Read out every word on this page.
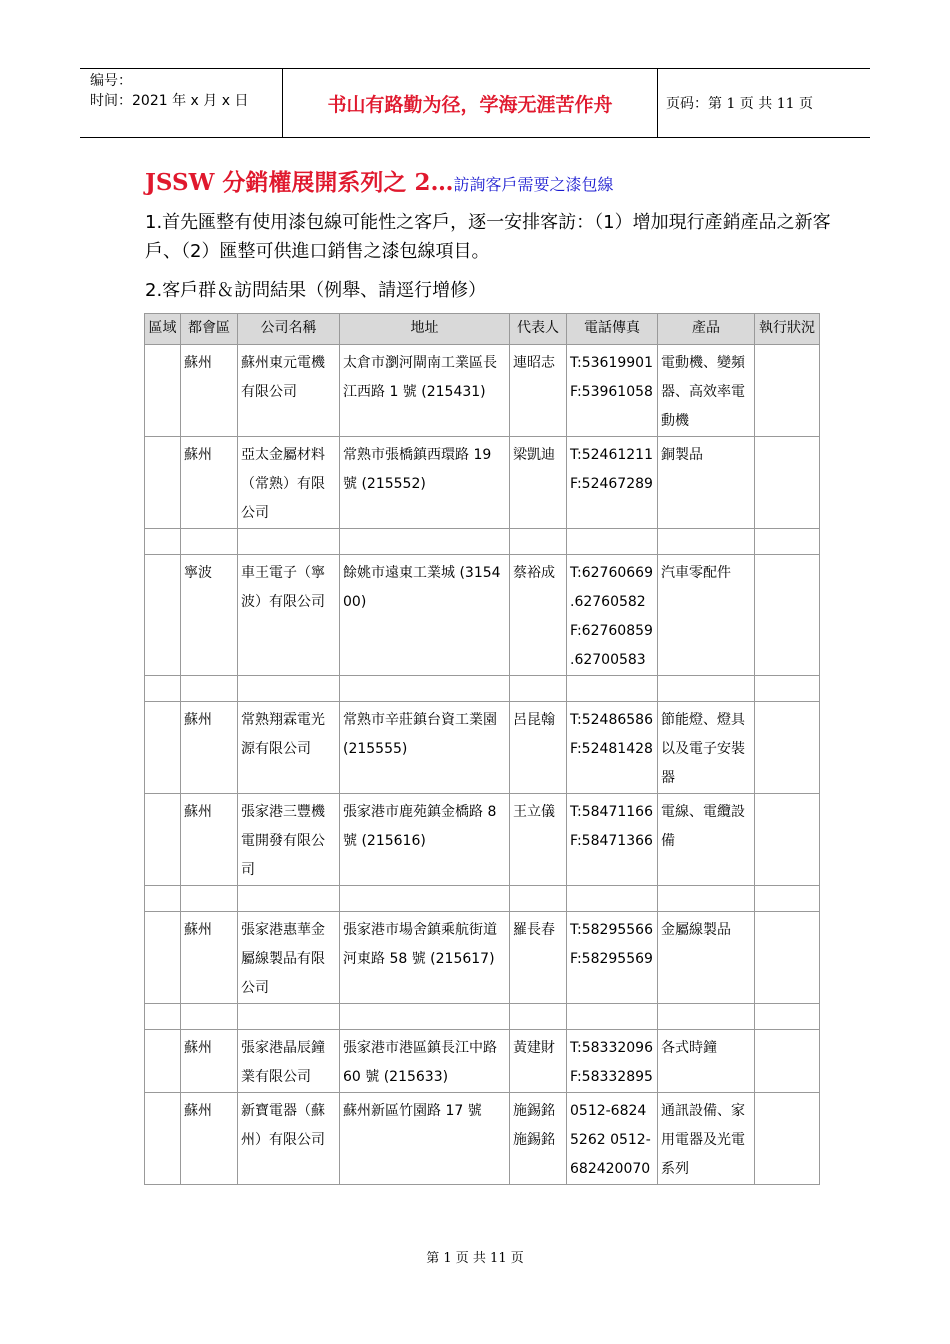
编号：
时间：2021 年 x 月 x 日	书山有路勤为径，学海无涯苦作舟	页码：第 1 页 共 11 页
JSSW 分銷權展開系列之 2…訪詢客戶需要之漆包線
1.首先匯整有使用漆包線可能性之客戶，逐一安排客訪：（1）增加現行產銷產品之新客戶、（2）匯整可供進口銷售之漆包線項目。
2.客戶群＆訪問結果（例舉、請逕行增修）
區域	都會區	公司名稱	地址	代表人	電話傳真	產品	執行狀況
	蘇州	蘇州東元電機有限公司	太倉市瀏河閘南工業區長江西路 1 號 (215431)	連昭志	T:53619901 F:53961058	電動機、變頻器、高效率電動機	
	蘇州	亞太金屬材料（常熟）有限公司	常熟市張橋鎮西環路 19 號 (215552)	梁凱迪	T:52461211 F:52467289	銅製品	

	寧波	車王電子（寧波）有限公司	餘姚市遠東工業城 (315400)	蔡裕成	T:62760669 .62760582 F:62760859 .62700583	汽車零配件	

	蘇州	常熟翔霖電光源有限公司	常熟市辛莊鎮台資工業園 (215555)	呂昆翰	T:52486586 F:52481428	節能燈、燈具以及電子安裝器	
	蘇州	張家港三豐機電開發有限公司	張家港市鹿苑鎮金橋路 8 號 (215616)	王立儀	T:58471166 F:58471366	電線、電纜設備	

	蘇州	張家港惠華金屬線製品有限公司	張家港市場舍鎮乘航街道河東路 58 號 (215617)	羅長春	T:58295566 F:58295569	金屬線製品	

	蘇州	張家港晶辰鐘業有限公司	張家港市港區鎮長江中路 60 號 (215633)	黃建財	T:58332096 F:58332895	各式時鐘	
	蘇州	新寶電器（蘇州）有限公司	蘇州新區竹園路 17 號	施錫銘 施錫銘	0512-68245262 0512-682420070	通訊設備、家用電器及光電系列	
第 1 页 共 11 页
